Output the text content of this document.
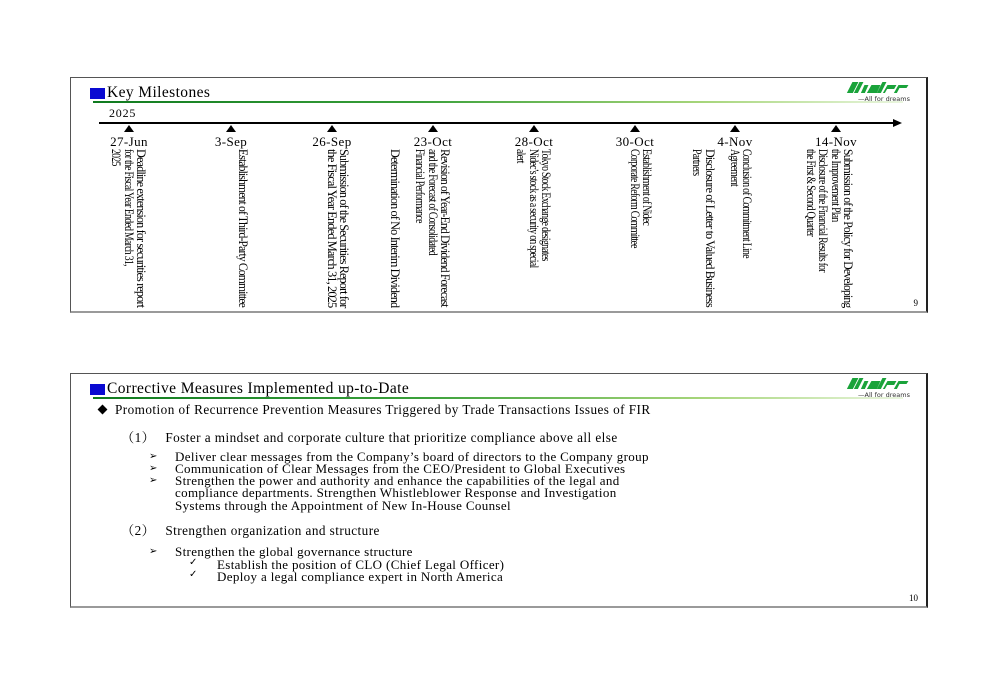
Key Milestones	—All for dreams
2025
27-Jun
Deadline extension for securities report
for the Fiscal Year Ended March 31,
2025
3-Sep
Establishment of Third-Party Committee
26-Sep
Submission of the Securities Report for
the Fiscal Year Ended March 31, 2025
23-Oct
Revision of Year-End Dividend Forecast
and the Forecast of Consolidated
Financial Performance
Determination of No Interim Dividend
28-Oct
Tokyo Stock Exchange designates
Nidec’s stock as a security on special
alert
30-Oct
Establishment of Nidec
Corporate Reform Committee
4-Nov
Conclusion of Commitment Line
Agreement
Disclosure of Letter to Valued Business
Partners
14-Nov
Submission of the Policy for Developing
the Improvement Plan
Disclosure of the Financial Results for
the First & Second Quarter
9
Corrective Measures Implemented up-to-Date	—All for dreams
Promotion of Recurrence Prevention Measures Triggered by Trade Transactions Issues of FIR
（1） Foster a mindset and corporate culture that prioritize compliance above all else
➢ Deliver clear messages from the Company’s board of directors to the Company group
➢ Communication of Clear Messages from the CEO/President to Global Executives
➢ Strengthen the power and authority and enhance the capabilities of the legal and
compliance departments. Strengthen Whistleblower Response and Investigation
Systems through the Appointment of New In-House Counsel
（2） Strengthen organization and structure
➢ Strengthen the global governance structure
✓ Establish the position of CLO (Chief Legal Officer)
✓ Deploy a legal compliance expert in North America
10
